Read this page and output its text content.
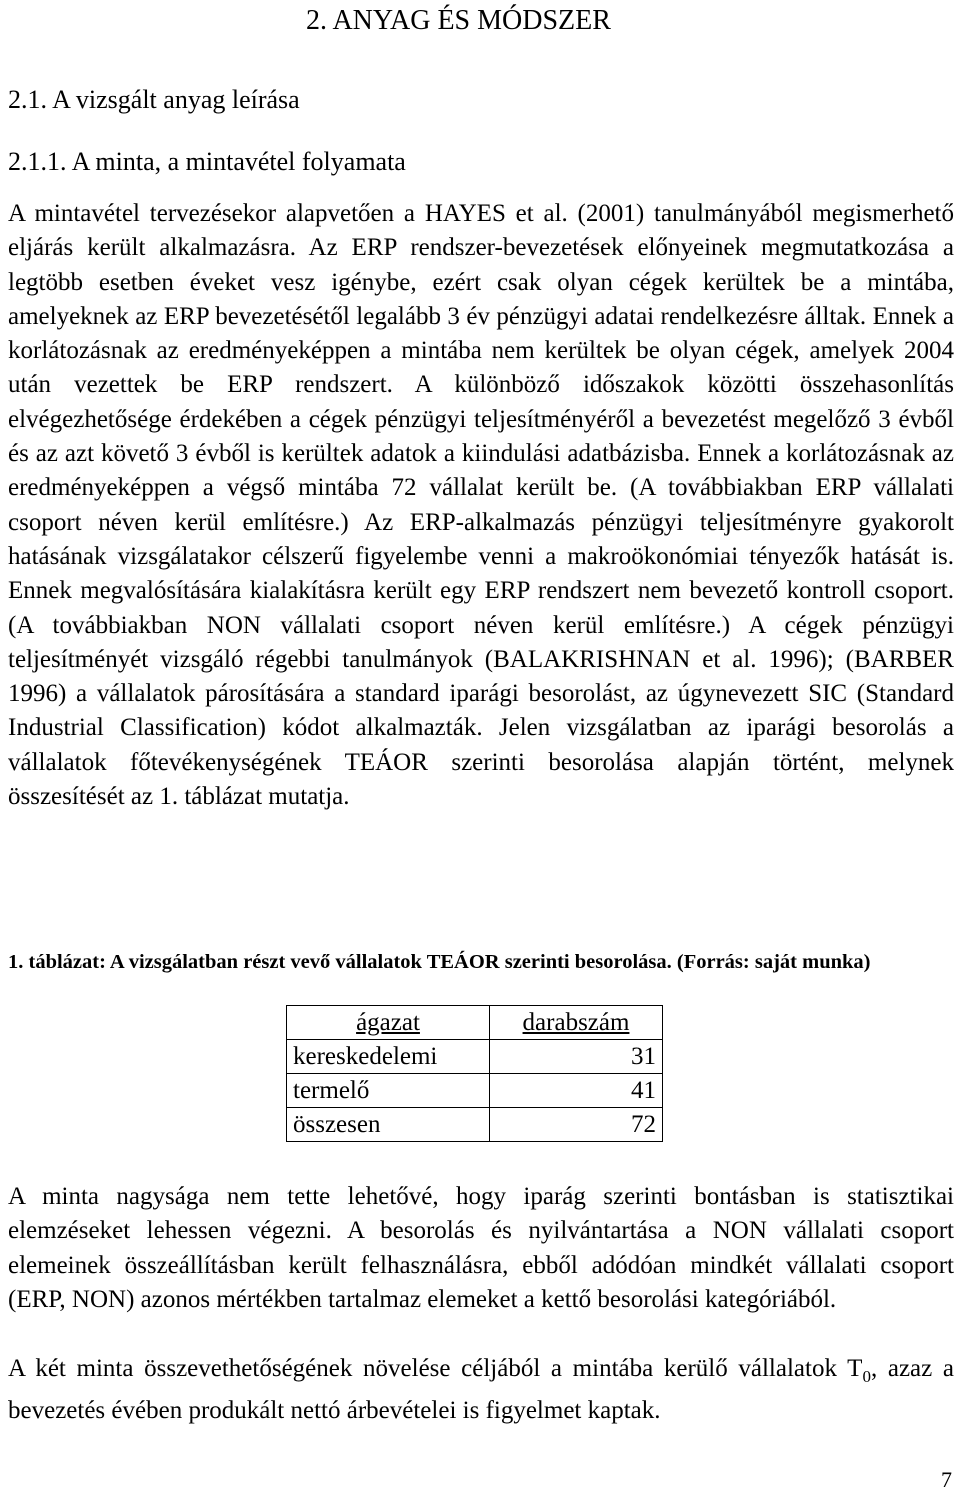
2. ANYAG ÉS MÓDSZER
2.1. A vizsgált anyag leírása
2.1.1. A minta, a mintavétel folyamata

A mintavétel tervezésekor alapvetően a HAYES et al. (2001) tanulmányából megismerhető eljárás került alkalmazásra. Az ERP rendszer-bevezetések előnyeinek megmutatkozása a legtöbb esetben éveket vesz igénybe, ezért csak olyan cégek kerültek be a mintába, amelyeknek az ERP bevezetésétől legalább 3 év pénzügyi adatai rendelkezésre álltak. Ennek a korlátozásnak az eredményeképpen a mintába nem kerültek be olyan cégek, amelyek 2004 után vezettek be ERP rendszert. A különböző időszakok közötti összehasonlítás elvégezhetősége érdekében a cégek pénzügyi teljesítményéről a bevezetést megelőző 3 évből és az azt követő 3 évből is kerültek adatok a kiindulási adatbázisba. Ennek a korlátozásnak az eredményeképpen a végső mintába 72 vállalat került be. (A továbbiakban ERP vállalati csoport néven kerül említésre.) Az ERP-alkalmazás pénzügyi teljesítményre gyakorolt hatásának vizsgálatakor célszerű figyelembe venni a makroökonómiai tényezők hatását is. Ennek megvalósítására kialakításra került egy ERP rendszert nem bevezető kontroll csoport. (A továbbiakban NON vállalati csoport néven kerül említésre.) A cégek pénzügyi teljesítményét vizsgáló régebbi tanulmányok (BALAKRISHNAN et al. 1996); (BARBER 1996) a vállalatok párosítására a standard iparági besorolást, az úgynevezett SIC (Standard Industrial Classification) kódot alkalmazták. Jelen vizsgálatban az iparági besorolás a vállalatok főtevékenységének TEÁOR szerinti besorolása alapján történt, melynek összesítését az 1. táblázat mutatja.

1. táblázat: A vizsgálatban részt vevő vállalatok TEÁOR szerinti besorolása. (Forrás: saját munka)

ágazat	darabszám
kereskedelemi	31
termelő	41
összesen	72

A minta nagysága nem tette lehetővé, hogy iparág szerinti bontásban is statisztikai elemzéseket lehessen végezni. A besorolás és nyilvántartása a NON vállalati csoport elemeinek összeállításban került felhasználásra, ebből adódóan mindkét vállalati csoport (ERP, NON) azonos mértékben tartalmaz elemeket a kettő besorolási kategóriából.

A két minta összevethetőségének növelése céljából a mintába kerülő vállalatok $T_0$, azaz a bevezetés évében produkált nettó árbevételei is figyelmet kaptak.

7
